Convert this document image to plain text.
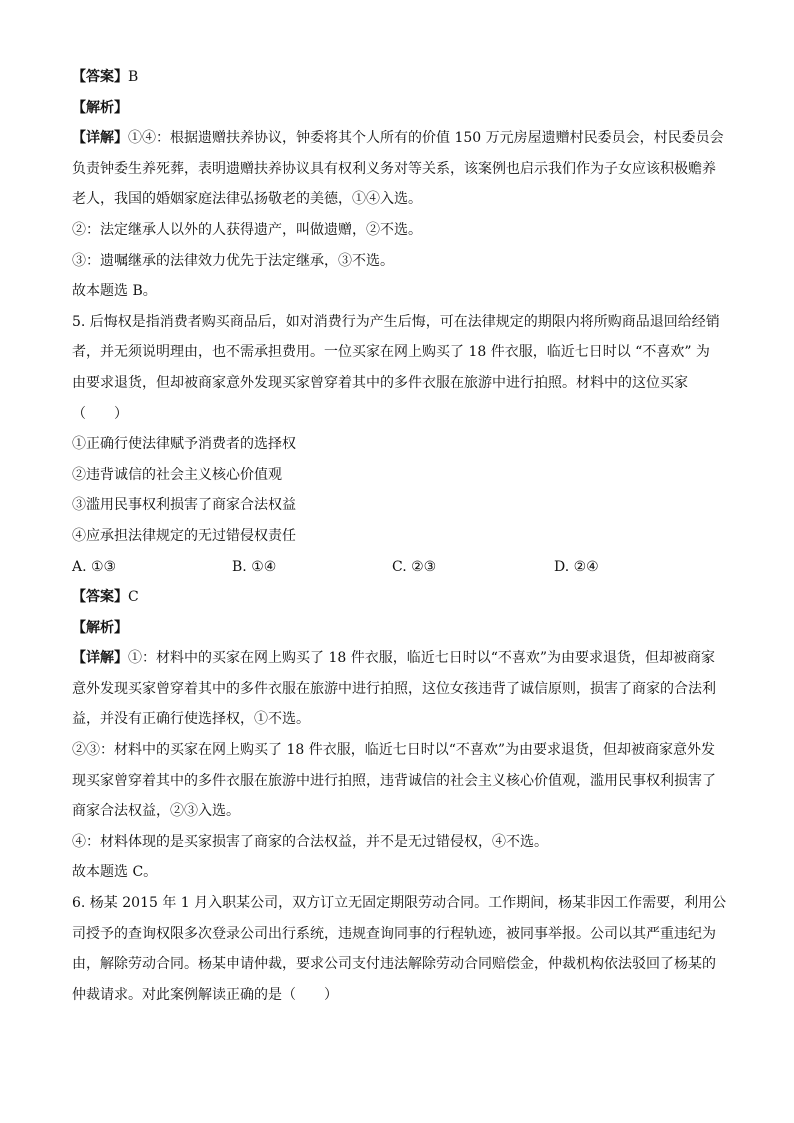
【答案】B
【解析】
【详解】①④：根据遗赠扶养协议，钟委将其个人所有的价值 150 万元房屋遗赠村民委员会，村民委员会
负责钟委生养死葬，表明遗赠扶养协议具有权利义务对等关系，该案例也启示我们作为子女应该积极赡养
老人，我国的婚姻家庭法律弘扬敬老的美德，①④入选。
②：法定继承人以外的人获得遗产，叫做遗赠，②不选。
③：遗嘱继承的法律效力优先于法定继承，③不选。
故本题选 B。
5. 后悔权是指消费者购买商品后，如对消费行为产生后悔，可在法律规定的期限内将所购商品退回给经销
者，并无须说明理由，也不需承担费用。一位买家在网上购买了 18 件衣服，临近七日时以 “不喜欢” 为
由要求退货，但却被商家意外发现买家曾穿着其中的多件衣服在旅游中进行拍照。材料中的这位买家
（　　）
①正确行使法律赋予消费者的选择权
②违背诚信的社会主义核心价值观
③滥用民事权利损害了商家合法权益
④应承担法律规定的无过错侵权责任
A. ①③	B. ①④	C. ②③	D. ②④
【答案】C
【解析】
【详解】①：材料中的买家在网上购买了 18 件衣服，临近七日时以“不喜欢”为由要求退货，但却被商家
意外发现买家曾穿着其中的多件衣服在旅游中进行拍照，这位女孩违背了诚信原则，损害了商家的合法利
益，并没有正确行使选择权，①不选。
②③：材料中的买家在网上购买了 18 件衣服，临近七日时以“不喜欢”为由要求退货，但却被商家意外发
现买家曾穿着其中的多件衣服在旅游中进行拍照，违背诚信的社会主义核心价值观，滥用民事权利损害了
商家合法权益，②③入选。
④：材料体现的是买家损害了商家的合法权益，并不是无过错侵权，④不选。
故本题选 C。
6. 杨某 2015 年 1 月入职某公司，双方订立无固定期限劳动合同。工作期间，杨某非因工作需要，利用公
司授予的查询权限多次登录公司出行系统，违规查询同事的行程轨迹，被同事举报。公司以其严重违纪为
由，解除劳动合同。杨某申请仲裁，要求公司支付违法解除劳动合同赔偿金，仲裁机构依法驳回了杨某的
仲裁请求。对此案例解读正确的是（　　）
